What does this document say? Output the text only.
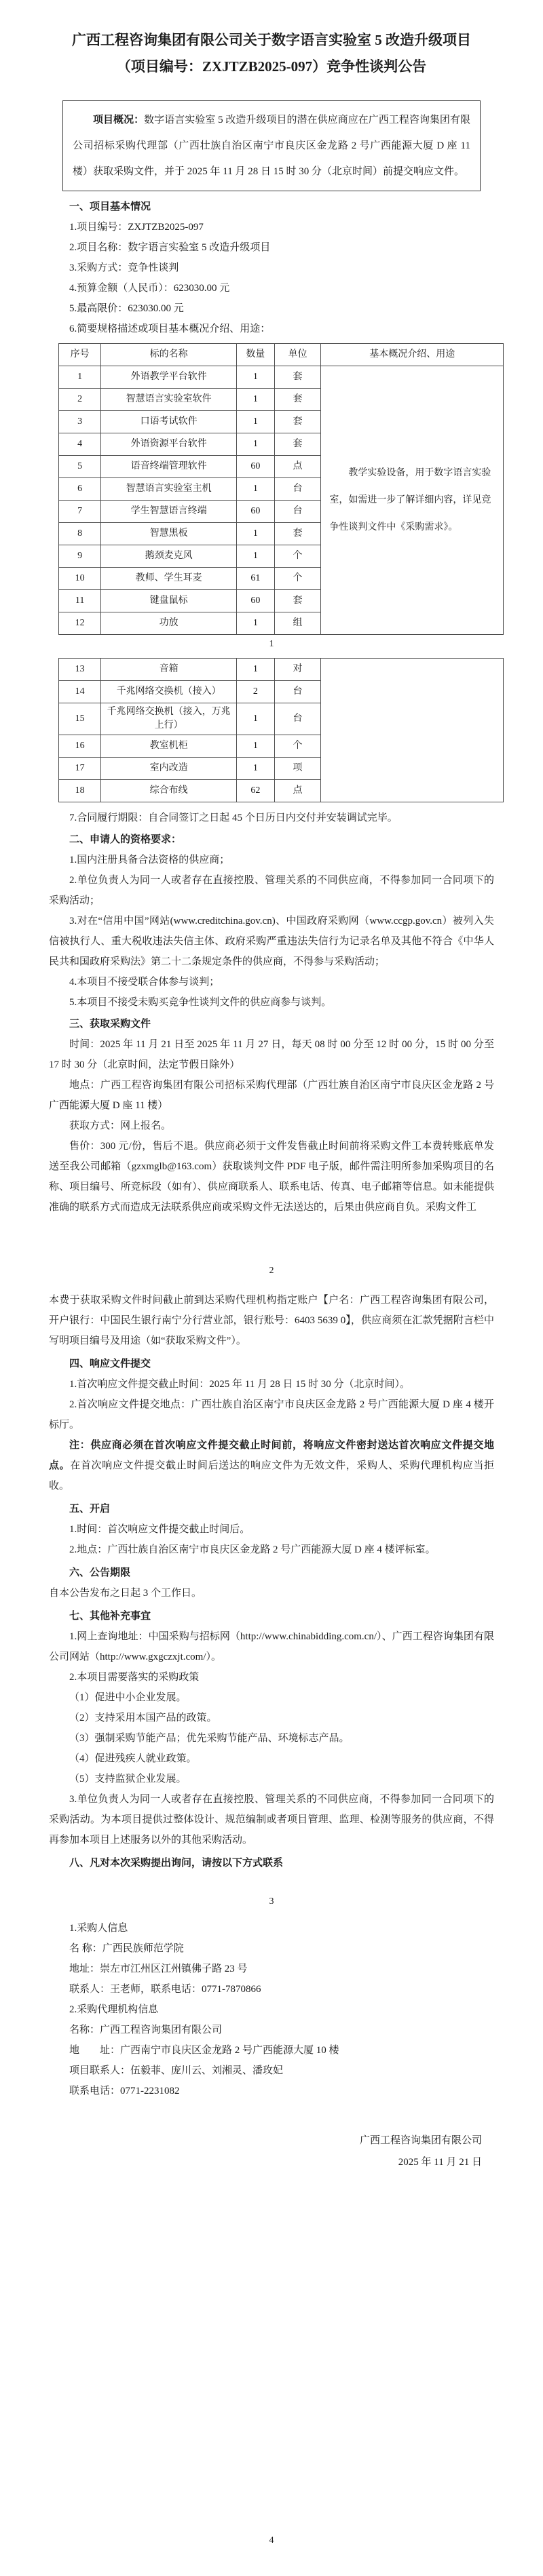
广西工程咨询集团有限公司关于数字语言实验室 5 改造升级项目
（项目编号：ZXJTZB2025-097）竞争性谈判公告

项目概况：数字语言实验室 5 改造升级项目的潜在供应商应在广西工程咨询集团有限公司招标采购代理部（广西壮族自治区南宁市良庆区金龙路 2 号广西能源大厦 D 座 11 楼）获取采购文件，并于 2025 年 11 月 28 日 15 时 30 分（北京时间）前提交响应文件。

一、项目基本情况

1.项目编号：ZXJTZB2025-097

2.项目名称：数字语言实验室 5 改造升级项目

3.采购方式：竞争性谈判

4.预算金额（人民币）：623030.00 元

5.最高限价：623030.00 元

6.简要规格描述或项目基本概况介绍、用途：

序号	标的名称	数量	单位	基本概况介绍、用途
1	外语教学平台软件	1	套	教学实验设备，用于数字语言实验室，如需进一步了解详细内容，详见竞争性谈判文件中《采购需求》。
2	智慧语言实验室软件	1	套	
3	口语考试软件	1	套	
4	外语资源平台软件	1	套	
5	语音终端管理软件	60	点	
6	智慧语言实验室主机	1	台	
7	学生智慧语言终端	60	台	
8	智慧黑板	1	套	
9	鹅颈麦克风	1	个	
10	教师、学生耳麦	61	个	
11	键盘鼠标	60	套	
12	功放	1	组	
1
13	音箱	1	对	
14	千兆网络交换机（接入）	2	台	
15	千兆网络交换机（接入，万兆上行）	1	台	
16	教室机柜	1	个	
17	室内改造	1	项	
18	综合布线	62	点	

7.合同履行期限：自合同签订之日起 45 个日历日内交付并安装调试完毕。

二、申请人的资格要求：

1.国内注册具备合法资格的供应商；

2.单位负责人为同一人或者存在直接控股、管理关系的不同供应商，不得参加同一合同项下的采购活动；

3.对在“信用中国”网站(www.creditchina.gov.cn)、中国政府采购网（www.ccgp.gov.cn）被列入失信被执行人、重大税收违法失信主体、政府采购严重违法失信行为记录名单及其他不符合《中华人民共和国政府采购法》第二十二条规定条件的供应商，不得参与采购活动；

4.本项目不接受联合体参与谈判；

5.本项目不接受未购买竞争性谈判文件的供应商参与谈判。

三、获取采购文件

时间：2025 年 11 月 21 日至 2025 年 11 月 27 日，每天 08 时 00 分至 12 时 00 分，15 时 00 分至 17 时 30 分（北京时间，法定节假日除外）

地点：广西工程咨询集团有限公司招标采购代理部（广西壮族自治区南宁市良庆区金龙路 2 号广西能源大厦 D 座 11 楼）

获取方式：网上报名。

售价：300 元/份，售后不退。供应商必须于文件发售截止时间前将采购文件工本费转账底单发送至我公司邮箱（gzxmglb@163.com）获取谈判文件 PDF 电子版，邮件需注明所参加采购项目的名称、项目编号、所竞标段（如有）、供应商联系人、联系电话、传真、电子邮箱等信息。如未能提供准确的联系方式而造成无法联系供应商或采购文件无法送达的，后果由供应商自负。采购文件工

2

本费于获取采购文件时间截止前到达采购代理机构指定账户【户名：广西工程咨询集团有限公司，开户银行：中国民生银行南宁分行营业部，银行账号：6403 5639 0】，供应商须在汇款凭据附言栏中写明项目编号及用途（如“获取采购文件”）。

四、响应文件提交

1.首次响应文件提交截止时间：2025 年 11 月 28 日 15 时 30 分（北京时间）。

2.首次响应文件提交地点：广西壮族自治区南宁市良庆区金龙路 2 号广西能源大厦 D 座 4 楼开标厅。

注：供应商必须在首次响应文件提交截止时间前，将响应文件密封送达首次响应文件提交地点。在首次响应文件提交截止时间后送达的响应文件为无效文件，采购人、采购代理机构应当拒收。

五、开启

1.时间：首次响应文件提交截止时间后。

2.地点：广西壮族自治区南宁市良庆区金龙路 2 号广西能源大厦 D 座 4 楼评标室。

六、公告期限

自本公告发布之日起 3 个工作日。

七、其他补充事宜

1.网上查询地址：中国采购与招标网（http://www.chinabidding.com.cn/）、广西工程咨询集团有限公司网站（http://www.gxgczxjt.com/）。

2.本项目需要落实的采购政策

（1）促进中小企业发展。

（2）支持采用本国产品的政策。

（3）强制采购节能产品；优先采购节能产品、环境标志产品。

（4）促进残疾人就业政策。

（5）支持监狱企业发展。

3.单位负责人为同一人或者存在直接控股、管理关系的不同供应商，不得参加同一合同项下的采购活动。为本项目提供过整体设计、规范编制或者项目管理、监理、检测等服务的供应商，不得再参加本项目上述服务以外的其他采购活动。

八、凡对本次采购提出询问，请按以下方式联系

3

1.采购人信息

名 称：广西民族师范学院

地址：崇左市江州区江州镇佛子路 23 号

联系人：王老师，联系电话：0771-7870866

2.采购代理机构信息

名称：广西工程咨询集团有限公司

地　　址：广西南宁市良庆区金龙路 2 号广西能源大厦 10 楼

项目联系人：伍毅菲、庞川云、刘湘灵、潘玫妃

联系电话：0771-2231082

广西工程咨询集团有限公司

2025 年 11 月 21 日

4
